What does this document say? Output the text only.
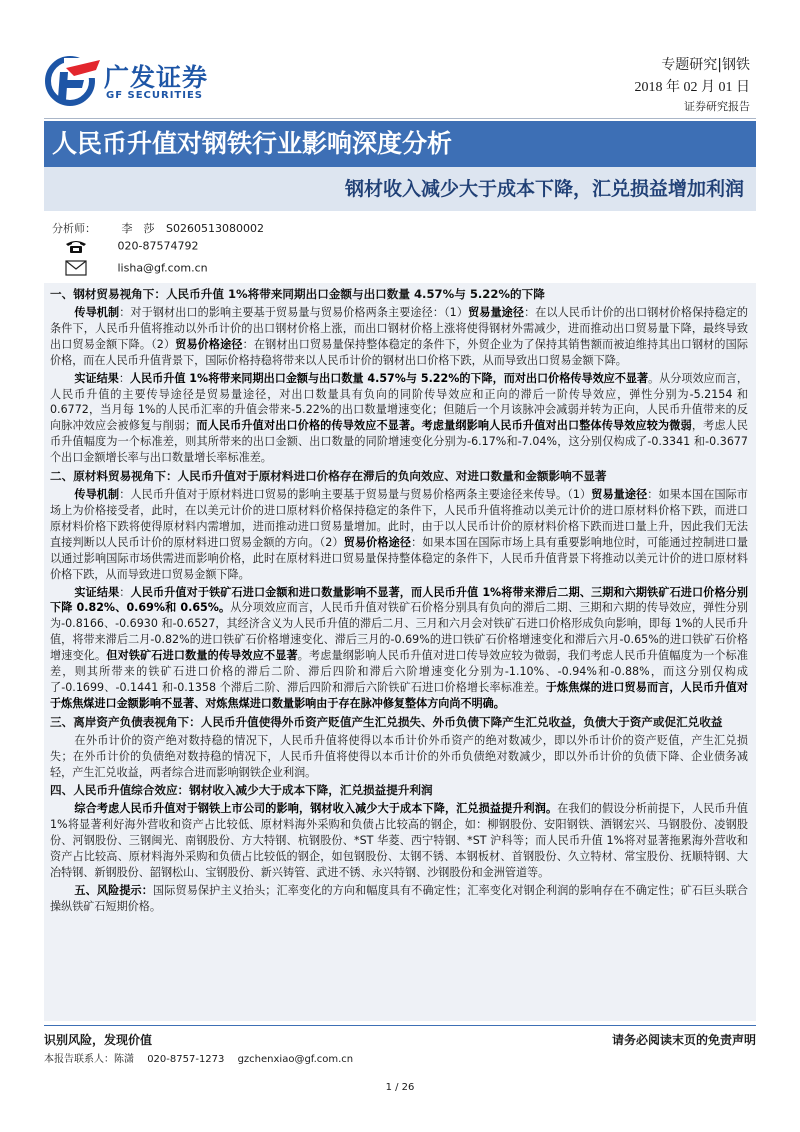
广发证券
GF SECURITIES
专题研究|钢铁
2018 年 02 月 01 日
证券研究报告
人民币升值对钢铁行业影响深度分析
钢材收入减少大于成本下降，汇兑损益增加利润
分析师： 李　莎 S0260513080002
020-87574792
lisha@gf.com.cn
一、钢材贸易视角下：人民币升值 1%将带来同期出口金额与出口数量 4.57%与 5.22%的下降
传导机制：对于钢材出口的影响主要基于贸易量与贸易价格两条主要途径：（1）贸易量途径：在以人民币计价的出口钢材价格保持稳定的条件下，人民币升值将推动以外币计价的出口钢材价格上涨，而出口钢材价格上涨将使得钢材外需减少，进而推动出口贸易量下降，最终导致出口贸易金额下降。（2）贸易价格途径：在钢材出口贸易量保持整体稳定的条件下，外贸企业为了保持其销售额而被迫维持其出口钢材的国际价格，而在人民币升值背景下，国际价格持稳将带来以人民币计价的钢材出口价格下跌，从而导致出口贸易金额下降。
实证结果：人民币升值 1%将带来同期出口金额与出口数量 4.57%与 5.22%的下降，而对出口价格传导效应不显著。从分项效应而言，人民币升值的主要传导途径是贸易量途径，对出口数量具有负向的同阶传导效应和正向的滞后一阶传导效应，弹性分别为-5.2154 和 0.6772，当月每 1%的人民币汇率的升值会带来-5.22%的出口数量增速变化；但随后一个月该脉冲会减弱并转为正向，人民币升值带来的反向脉冲效应会被修复与削弱；而人民币升值对出口价格的传导效应不显著。考虑量纲影响人民币升值对出口整体传导效应较为微弱，考虑人民币升值幅度为一个标准差，则其所带来的出口金额、出口数量的同阶增速变化分别为-6.17%和-7.04%，这分别仅构成了-0.3341 和-0.3677 个出口金额增长率与出口数量增长率标准差。
二、原材料贸易视角下：人民币升值对于原材料进口价格存在滞后的负向效应、对进口数量和金额影响不显著
传导机制：人民币升值对于原材料进口贸易的影响主要基于贸易量与贸易价格两条主要途径来传导。（1）贸易量途径：如果本国在国际市场上为价格接受者，此时，在以美元计价的进口原材料价格保持稳定的条件下，人民币升值将推动以美元计价的进口原材料价格下跌，而进口原材料价格下跌将使得原材料内需增加，进而推动进口贸易量增加。此时，由于以人民币计价的原材料价格下跌而进口量上升，因此我们无法直接判断以人民币计价的原材料进口贸易金额的方向。（2）贸易价格途径：如果本国在国际市场上具有重要影响地位时，可能通过控制进口量以通过影响国际市场供需进而影响价格，此时在原材料进口贸易量保持整体稳定的条件下，人民币升值背景下将推动以美元计价的进口原材料价格下跌，从而导致进口贸易金额下降。
实证结果：人民币升值对于铁矿石进口金额和进口数量影响不显著，而人民币升值 1%将带来滞后二期、三期和六期铁矿石进口价格分别下降 0.82%、0.69%和 0.65%。从分项效应而言，人民币升值对铁矿石价格分别具有负向的滞后二期、三期和六期的传导效应，弹性分别为-0.8166、-0.6930 和-0.6527，其经济含义为人民币升值的滞后二月、三月和六月会对铁矿石进口价格形成负向影响，即每 1%的人民币升值，将带来滞后二月-0.82%的进口铁矿石价格增速变化、滞后三月的-0.69%的进口铁矿石价格增速变化和滞后六月-0.65%的进口铁矿石价格增速变化。但对铁矿石进口数量的传导效应不显著。考虑量纲影响人民币升值对进口传导效应较为微弱，我们考虑人民币升值幅度为一个标准差，则其所带来的铁矿石进口价格的滞后二阶、滞后四阶和滞后六阶增速变化分别为-1.10%、-0.94%和-0.88%，而这分别仅构成了-0.1699、-0.1441 和-0.1358 个滞后二阶、滞后四阶和滞后六阶铁矿石进口价格增长率标准差。于炼焦煤的进口贸易而言，人民币升值对于炼焦煤进口金额影响不显著、对炼焦煤进口数量影响由于存在脉冲修复整体方向尚不明确。
三、离岸资产负债表视角下：人民币升值使得外币资产贬值产生汇兑损失、外币负债下降产生汇兑收益，负债大于资产或促汇兑收益
在外币计价的资产绝对数持稳的情况下，人民币升值将使得以本币计价外币资产的绝对数减少，即以外币计价的资产贬值，产生汇兑损失；在外币计价的负债绝对数持稳的情况下，人民币升值将使得以本币计价的外币负债绝对数减少，即以外币计价的负债下降、企业债务减轻，产生汇兑收益，两者综合进而影响钢铁企业利润。
四、人民币升值综合效应：钢材收入减少大于成本下降，汇兑损益提升利润
综合考虑人民币升值对于钢铁上市公司的影响，钢材收入减少大于成本下降，汇兑损益提升利润。在我们的假设分析前提下，人民币升值 1%将显著利好海外营收和资产占比较低、原材料海外采购和负债占比较高的钢企，如：柳钢股份、安阳钢铁、酒钢宏兴、马钢股份、凌钢股份、河钢股份、三钢闽光、南钢股份、方大特钢、杭钢股份、*ST 华菱、西宁特钢、*ST 沪科等；而人民币升值 1%将对显著拖累海外营收和资产占比较高、原材料海外采购和负债占比较低的钢企，如包钢股份、太钢不锈、本钢板材、首钢股份、久立特材、常宝股份、抚顺特钢、大冶特钢、新钢股份、韶钢松山、宝钢股份、新兴铸管、武进不锈、永兴特钢、沙钢股份和金洲管道等。
五、风险提示：国际贸易保护主义抬头；汇率变化的方向和幅度具有不确定性；汇率变化对钢企利润的影响存在不确定性；矿石巨头联合操纵铁矿石短期价格。
识别风险，发现价值	请务必阅读末页的免责声明
本报告联系人：陈潇 020-8757-1273 gzchenxiao@gf.com.cn
1 / 26
